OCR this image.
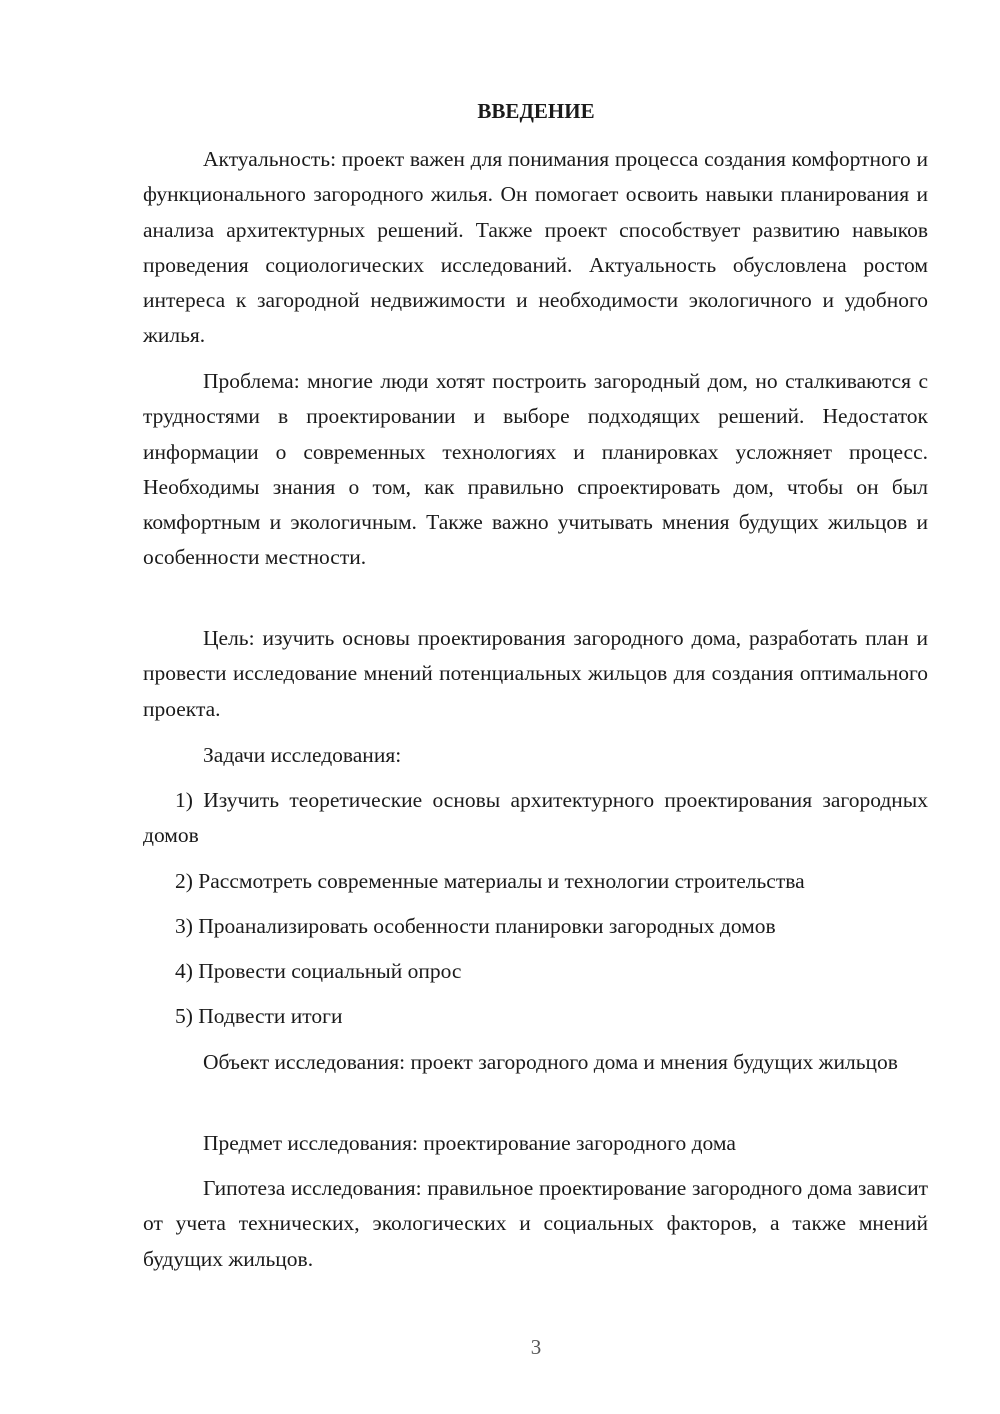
ВВЕДЕНИЕ

Актуальность: проект важен для понимания процесса создания комфортного и функционального загородного жилья. Он помогает освоить навыки планирования и анализа архитектурных решений. Также проект способствует развитию навыков проведения социологических исследований. Актуальность обусловлена ростом интереса к загородной недвижимости и необходимости экологичного и удобного жилья.

Проблема: многие люди хотят построить загородный дом, но сталкиваются с трудностями в проектировании и выборе подходящих решений. Недостаток информации о современных технологиях и планировках усложняет процесс. Необходимы знания о том, как правильно спроектировать дом, чтобы он был комфортным и экологичным. Также важно учитывать мнения будущих жильцов и особенности местности.

Цель: изучить основы проектирования загородного дома, разработать план и провести исследование мнений потенциальных жильцов для создания оптимального проекта.

Задачи исследования:

1) Изучить теоретические основы архитектурного проектирования загородных домов

2) Рассмотреть современные материалы и технологии строительства

3) Проанализировать особенности планировки загородных домов

4) Провести социальный опрос

5) Подвести итоги

Объект исследования: проект загородного дома и мнения будущих жильцов

Предмет исследования: проектирование загородного дома

Гипотеза исследования: правильное проектирование загородного дома зависит от учета технических, экологических и социальных факторов, а также мнений будущих жильцов.

3
